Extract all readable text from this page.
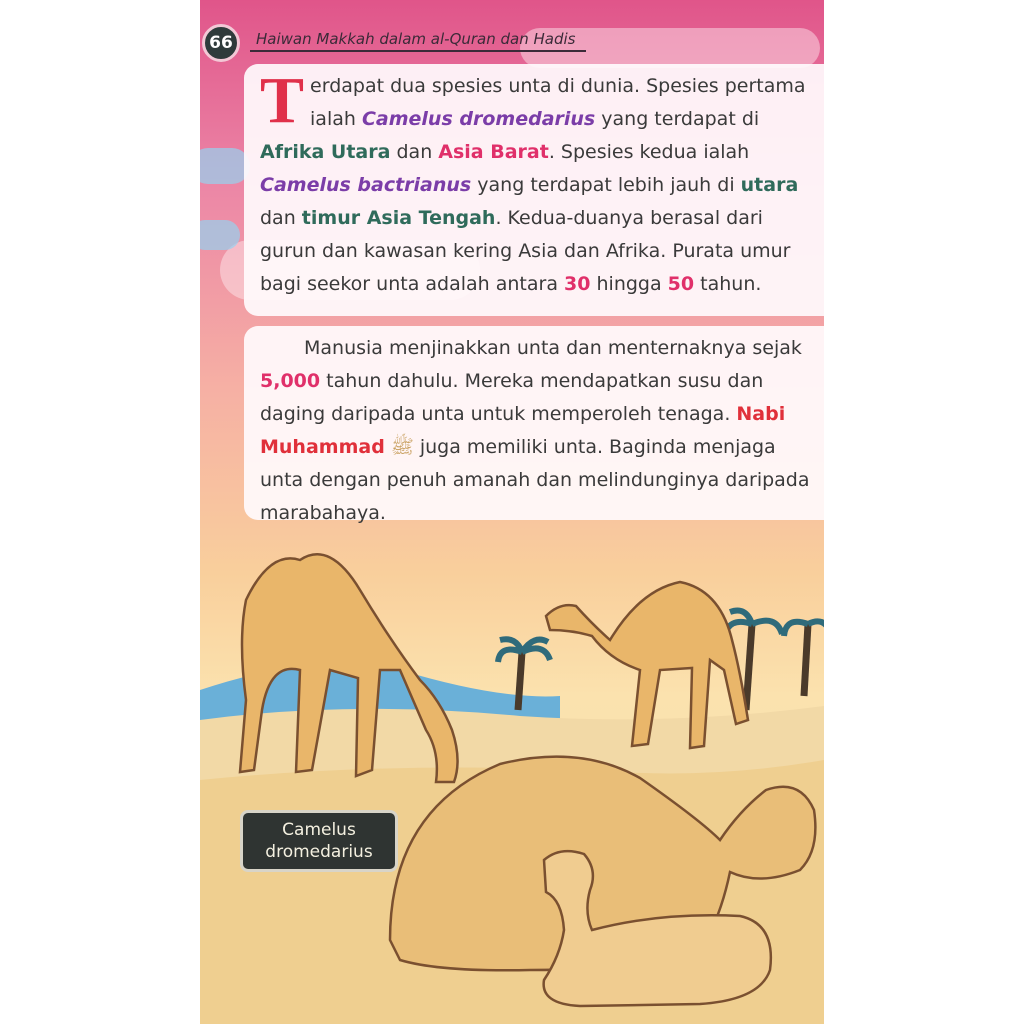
66	Haiwan Makkah dalam al-Quran dan Hadis

Terdapat dua spesies unta di dunia. Spesies pertama ialah Camelus dromedarius yang terdapat di Afrika Utara dan Asia Barat. Spesies kedua ialah Camelus bactrianus yang terdapat lebih jauh di utara dan timur Asia Tengah. Kedua-duanya berasal dari gurun dan kawasan kering Asia dan Afrika. Purata umur bagi seekor unta adalah antara 30 hingga 50 tahun.

Manusia menjinakkan unta dan menternaknya sejak 5,000 tahun dahulu. Mereka mendapatkan susu dan daging daripada unta untuk memperoleh tenaga. Nabi Muhammad ﷺ juga memiliki unta. Baginda menjaga unta dengan penuh amanah dan melindunginya daripada marabahaya.

Camelus
dromedarius
